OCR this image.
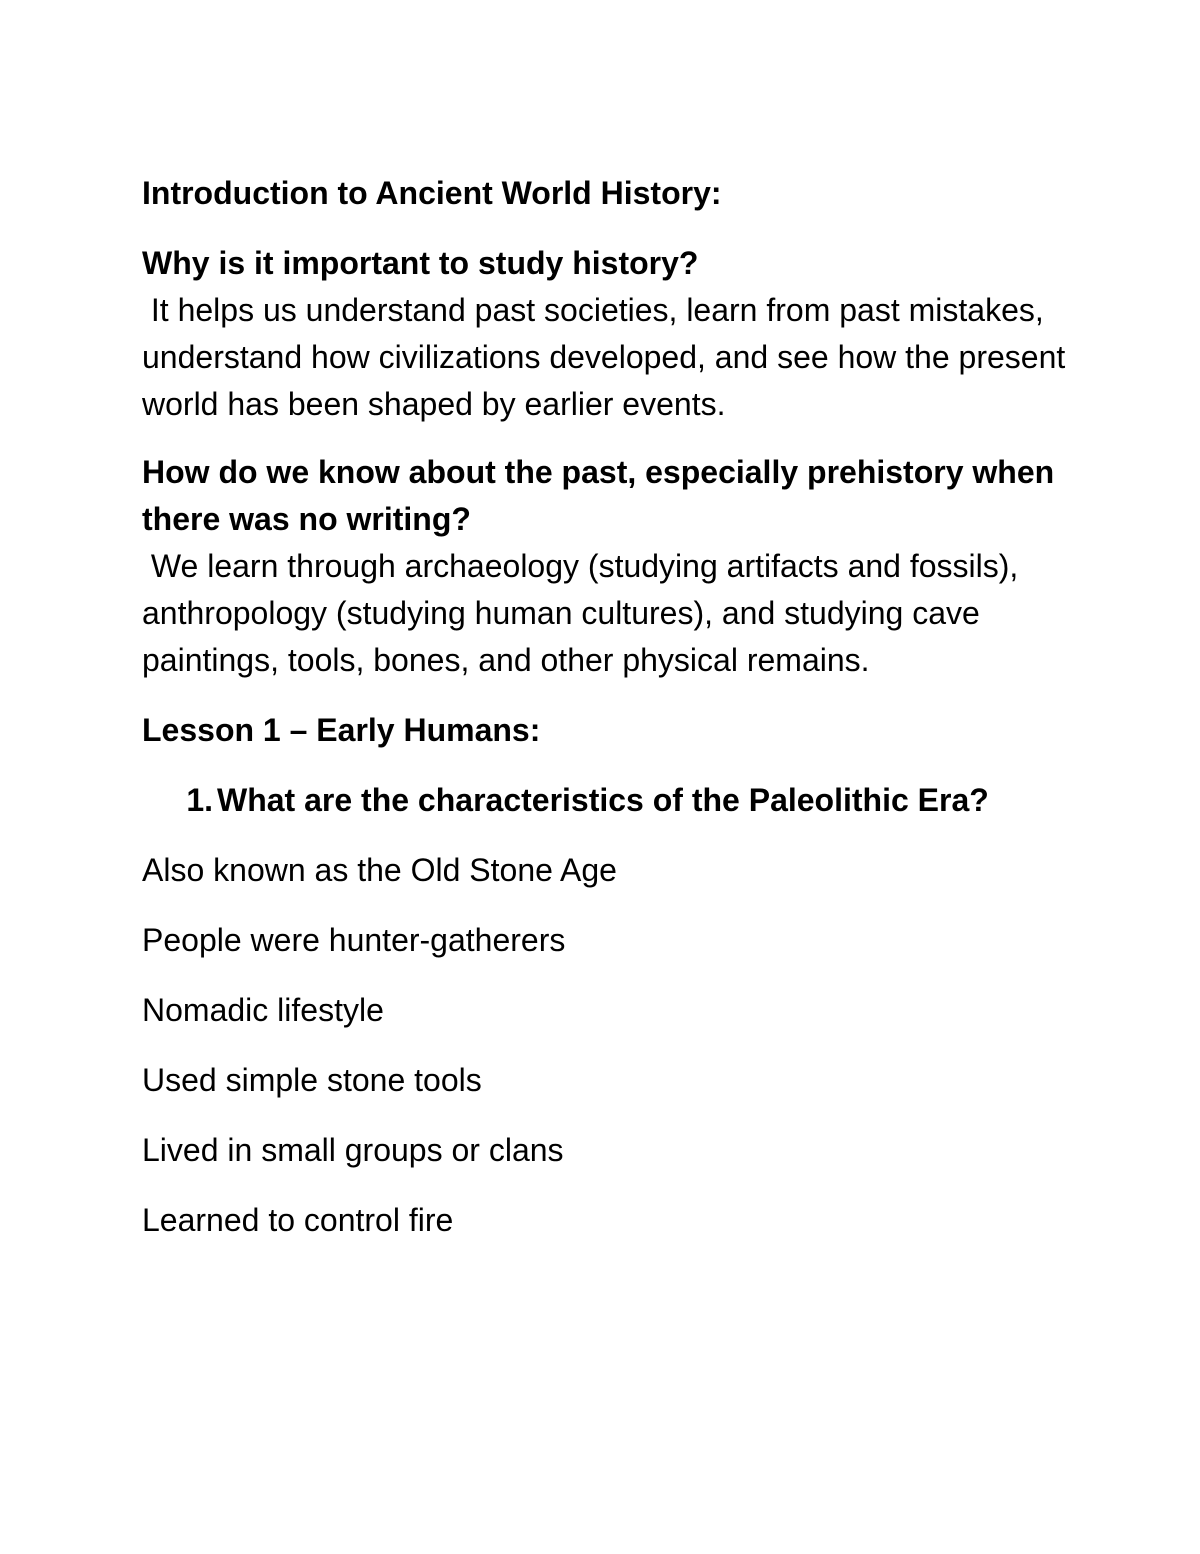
Introduction to Ancient World History:

Why is it important to study history?

It helps us understand past societies, learn from past mistakes, understand how civilizations developed, and see how the present world has been shaped by earlier events.

How do we know about the past, especially prehistory when there was no writing?

We learn through archaeology (studying artifacts and fossils), anthropology (studying human cultures), and studying cave paintings, tools, bones, and other physical remains.

Lesson 1 – Early Humans:

1. What are the characteristics of the Paleolithic Era?

Also known as the Old Stone Age

People were hunter-gatherers

Nomadic lifestyle

Used simple stone tools

Lived in small groups or clans

Learned to control fire
